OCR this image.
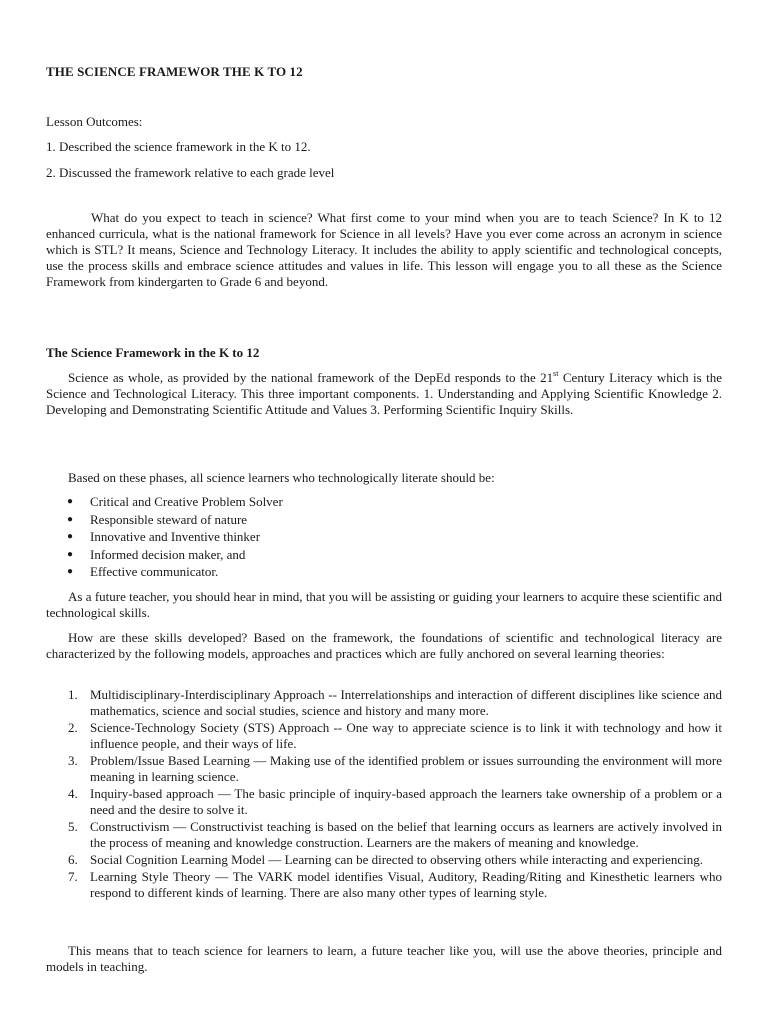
THE SCIENCE FRAMEWOR THE K TO 12
Lesson Outcomes:
1. Described the science framework in the K to 12.
2. Discussed the framework relative to each grade level

What do you expect to teach in science? What first come to your mind when you are to teach Science? In K to 12 enhanced curricula, what is the national framework for Science in all levels? Have you ever come across an acronym in science which is STL? It means, Science and Technology Literacy. It includes the ability to apply scientific and technological concepts, use the process skills and embrace science attitudes and values in life. This lesson will engage you to all these as the Science Framework from kindergarten to Grade 6 and beyond.

The Science Framework in the K to 12

Science as whole, as provided by the national framework of the DepEd responds to the 21st Century Literacy which is the Science and Technological Literacy. This three important components. 1. Understanding and Applying Scientific Knowledge 2. Developing and Demonstrating Scientific Attitude and Values 3. Performing Scientific Inquiry Skills.

Based on these phases, all science learners who technologically literate should be:
● Critical and Creative Problem Solver
● Responsible steward of nature
● Innovative and Inventive thinker
● Informed decision maker, and
● Effective communicator.

As a future teacher, you should hear in mind, that you will be assisting or guiding your learners to acquire these scientific and technological skills.

How are these skills developed? Based on the framework, the foundations of scientific and technological literacy are characterized by the following models, approaches and practices which are fully anchored on several learning theories:

1. Multidisciplinary-Interdisciplinary Approach -- Interrelationships and interaction of different disciplines like science and mathematics, science and social studies, science and history and many more.
2. Science-Technology Society (STS) Approach -- One way to appreciate science is to link it with technology and how it influence people, and their ways of life.
3. Problem/Issue Based Learning — Making use of the identified problem or issues surrounding the environment will more meaning in learning science.
4. Inquiry-based approach — The basic principle of inquiry-based approach the learners take ownership of a problem or a need and the desire to solve it.
5. Constructivism — Constructivist teaching is based on the belief that learning occurs as learners are actively involved in the process of meaning and knowledge construction. Learners are the makers of meaning and knowledge.
6. Social Cognition Learning Model — Learning can be directed to observing others while interacting and experiencing.
7. Learning Style Theory — The VARK model identifies Visual, Auditory, Reading/Riting and Kinesthetic learners who respond to different kinds of learning. There are also many other types of learning style.

This means that to teach science for learners to learn, a future teacher like you, will use the above theories, principle and models in teaching.
